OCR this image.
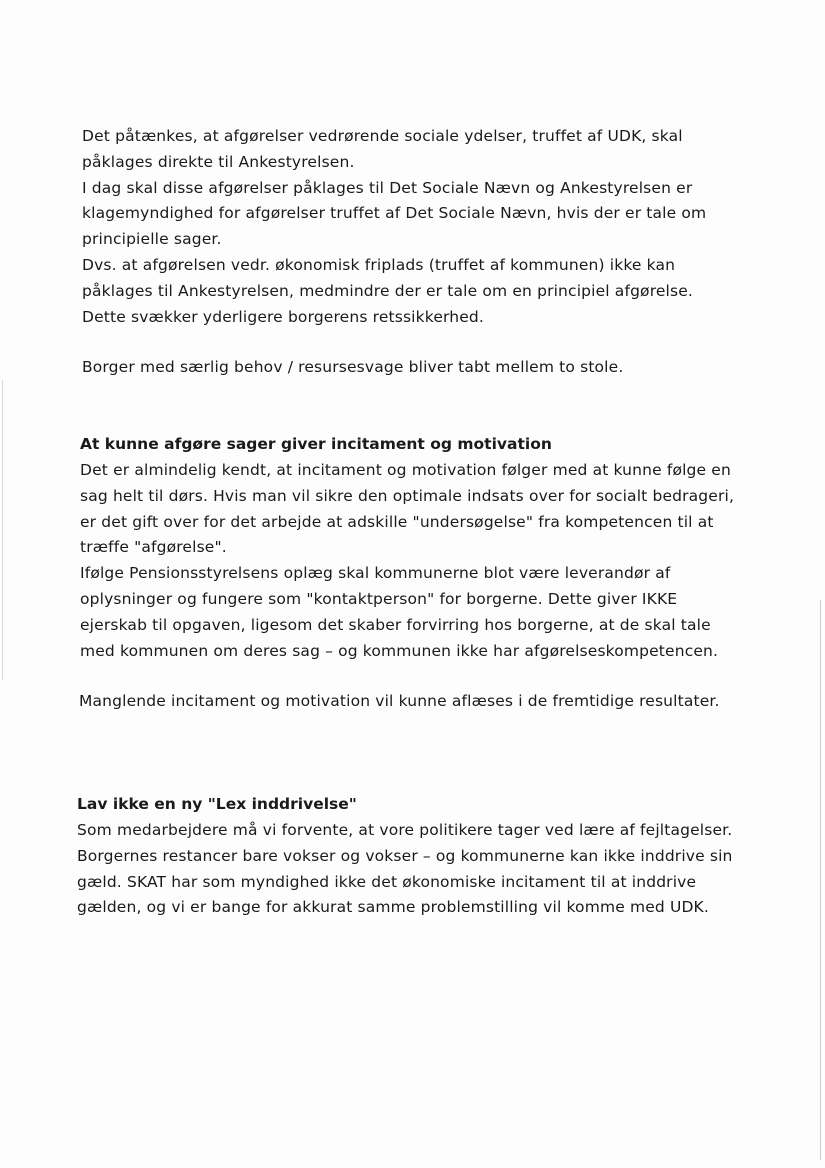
Det påtænkes, at afgørelser vedrørende sociale ydelser, truffet af UDK, skal
påklages direkte til Ankestyrelsen.
I dag skal disse afgørelser påklages til Det Sociale Nævn og Ankestyrelsen er
klagemyndighed for afgørelser truffet af Det Sociale Nævn, hvis der er tale om
principielle sager.
Dvs. at afgørelsen vedr. økonomisk friplads (truffet af kommunen) ikke kan
påklages til Ankestyrelsen, medmindre der er tale om en principiel afgørelse.
Dette svækker yderligere borgerens retssikkerhed.
Borger med særlig behov / resursesvage bliver tabt mellem to stole.
At kunne afgøre sager giver incitament og motivation
Det er almindelig kendt, at incitament og motivation følger med at kunne følge en
sag helt til dørs. Hvis man vil sikre den optimale indsats over for socialt bedrageri,
er det gift over for det arbejde at adskille "undersøgelse" fra kompetencen til at
træffe "afgørelse".
Ifølge Pensionsstyrelsens oplæg skal kommunerne blot være leverandør af
oplysninger og fungere som "kontaktperson" for borgerne. Dette giver IKKE
ejerskab til opgaven, ligesom det skaber forvirring hos borgerne, at de skal tale
med kommunen om deres sag – og kommunen ikke har afgørelseskompetencen.
Manglende incitament og motivation vil kunne aflæses i de fremtidige resultater.
Lav ikke en ny "Lex inddrivelse"
Som medarbejdere må vi forvente, at vore politikere tager ved lære af fejltagelser.
Borgernes restancer bare vokser og vokser – og kommunerne kan ikke inddrive sin
gæld. SKAT har som myndighed ikke det økonomiske incitament til at inddrive
gælden, og vi er bange for akkurat samme problemstilling vil komme med UDK.
